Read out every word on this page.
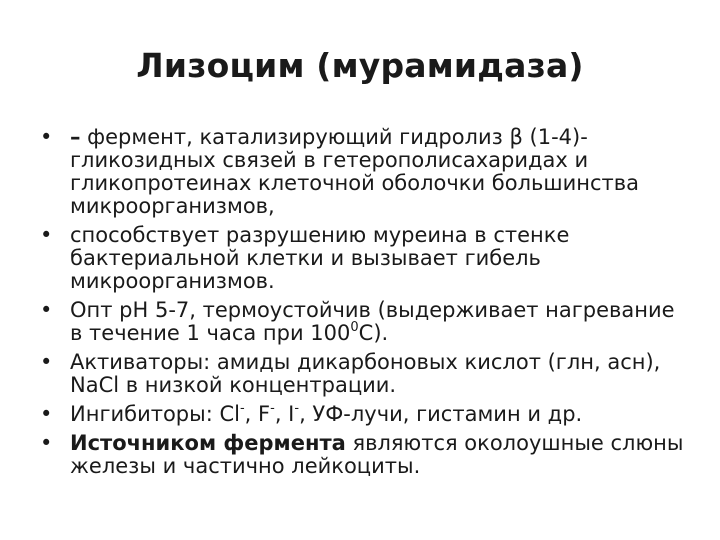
Лизоцим (мурамидаза)
• – фермент, катализирующий гидролиз β (1-4)-гликозидных связей в гетерополисахаридах и гликопротеинах клеточной оболочки большинства микроорганизмов,
• способствует разрушению муреина в стенке бактериальной клетки и вызывает гибель микроорганизмов.
• Опт pH 5-7, термоустойчив (выдерживает нагревание в течение 1 часа при $100^0С$).
• Активаторы: амиды дикарбоновых кислот (глн, асн), NaCl в низкой концентрации.
• Ингибиторы: Cl-, F-, I-, УФ-лучи, гистамин и др.
• Источником фермента являются околоушные слюны железы и частично лейкоциты.
